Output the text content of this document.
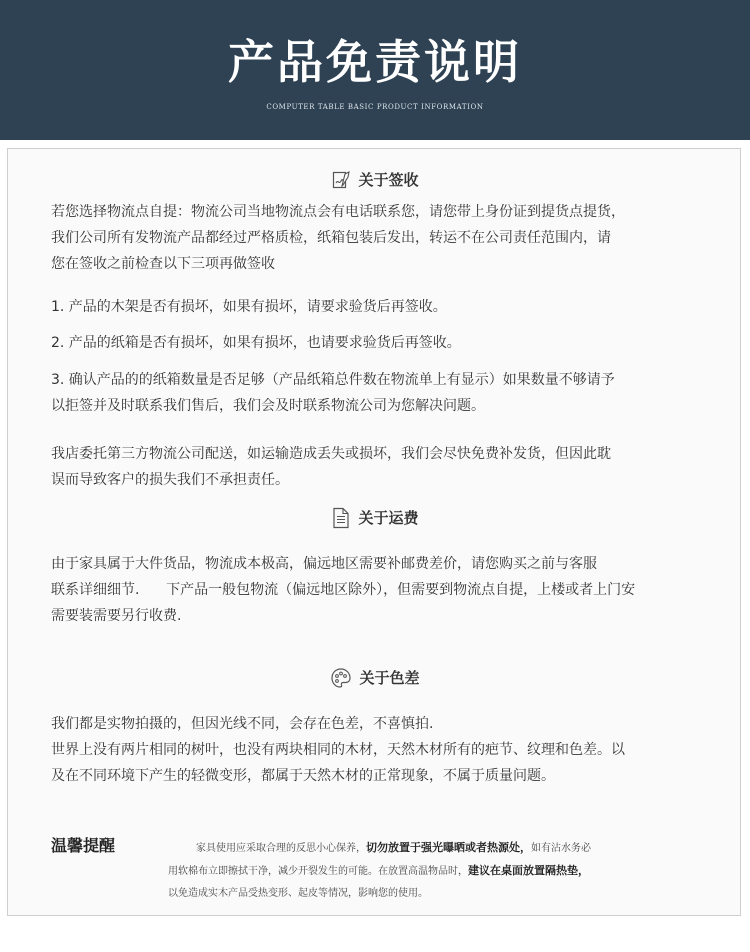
产品免责说明
COMPUTER TABLE BASIC PRODUCT INFORMATION
关于签收
若您选择物流点自提：物流公司当地物流点会有电话联系您，请您带上身份证到提货点提货，
我们公司所有发物流产品都经过严格质检，纸箱包装后发出，转运不在公司责任范围内，请
您在签收之前检查以下三项再做签收
1. 产品的木架是否有损坏，如果有损坏，请要求验货后再签收。
2. 产品的纸箱是否有损坏，如果有损坏，也请要求验货后再签收。
3. 确认产品的的纸箱数量是否足够（产品纸箱总件数在物流单上有显示）如果数量不够请予
以拒签并及时联系我们售后，我们会及时联系物流公司为您解决问题。
我店委托第三方物流公司配送，如运输造成丢失或损坏，我们会尽快免费补发货，但因此耽
误而导致客户的损失我们不承担责任。
关于运费
由于家具属于大件货品，物流成本极高，偏远地区需要补邮费差价，请您购买之前与客服
联系详细细节.      下产品一般包物流（偏远地区除外），但需要到物流点自提，上楼或者上门安
需要装需要另行收费.
关于色差
我们都是实物拍摄的，但因光线不同，会存在色差，不喜慎拍.
世界上没有两片相同的树叶，也没有两块相同的木材，天然木材所有的疤节、纹理和色差。以
及在不同环境下产生的轻微变形，都属于天然木材的正常现象，不属于质量问题。
温馨提醒	家具使用应采取合理的反思小心保养，切勿放置于强光曝晒或者热源处，如有沾水务必
用软棉布立即擦拭干净，减少开裂发生的可能。在放置高温物品时，建议在桌面放置隔热垫，
以免造成实木产品受热变形、起皮等情况，影响您的使用。
